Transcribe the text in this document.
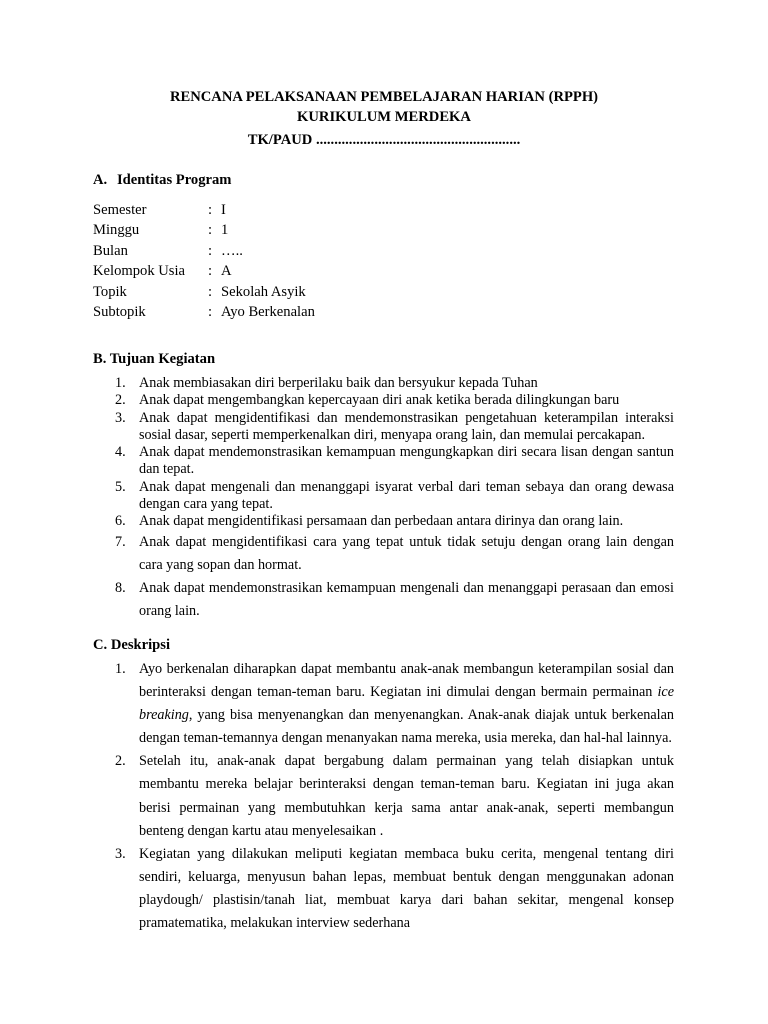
RENCANA PELAKSANAAN PEMBELAJARAN HARIAN (RPPH)
KURIKULUM MERDEKA
TK/PAUD ........................................................
A. Identitas Program
Semester	: I
Minggu	: 1
Bulan	: …..
Kelompok Usia : A
Topik	: Sekolah Asyik
Subtopik	: Ayo Berkenalan
B. Tujuan Kegiatan
1. Anak membiasakan diri berperilaku baik dan bersyukur kepada Tuhan
2. Anak dapat mengembangkan kepercayaan diri anak ketika berada dilingkungan baru
3. Anak dapat mengidentifikasi dan mendemonstrasikan pengetahuan keterampilan interaksi sosial dasar, seperti memperkenalkan diri, menyapa orang lain, dan memulai percakapan.
4. Anak dapat mendemonstrasikan kemampuan mengungkapkan diri secara lisan dengan santun dan tepat.
5. Anak dapat mengenali dan menanggapi isyarat verbal dari teman sebaya dan orang dewasa dengan cara yang tepat.
6. Anak dapat mengidentifikasi persamaan dan perbedaan antara dirinya dan orang lain.
7. Anak dapat mengidentifikasi cara yang tepat untuk tidak setuju dengan orang lain dengan cara yang sopan dan hormat.
8. Anak dapat mendemonstrasikan kemampuan mengenali dan menanggapi perasaan dan emosi orang lain.
C. Deskripsi
1. Ayo berkenalan diharapkan dapat membantu anak-anak membangun keterampilan sosial dan berinteraksi dengan teman-teman baru. Kegiatan ini dimulai dengan bermain permainan ice breaking, yang bisa menyenangkan dan menyenangkan. Anak-anak diajak untuk berkenalan dengan teman-temannya dengan menanyakan nama mereka, usia mereka, dan hal-hal lainnya.
2. Setelah itu, anak-anak dapat bergabung dalam permainan yang telah disiapkan untuk membantu mereka belajar berinteraksi dengan teman-teman baru. Kegiatan ini juga akan berisi permainan yang membutuhkan kerja sama antar anak-anak, seperti membangun benteng dengan kartu atau menyelesaikan .
3. Kegiatan yang dilakukan meliputi kegiatan membaca buku cerita, mengenal tentang diri sendiri, keluarga, menyusun bahan lepas, membuat bentuk dengan menggunakan adonan playdough/ plastisin/tanah liat, membuat karya dari bahan sekitar, mengenal konsep pramatematika, melakukan interview sederhana
